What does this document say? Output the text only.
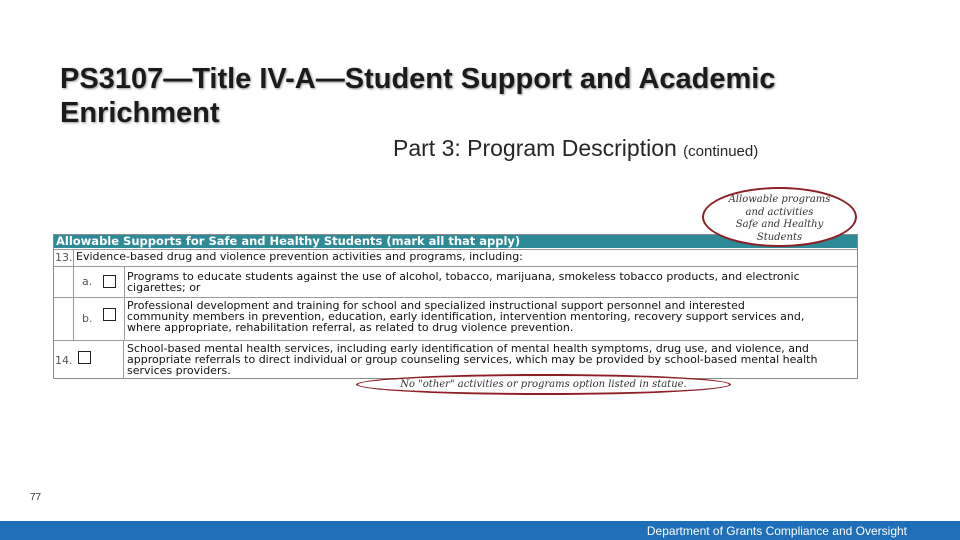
PS3107—Title IV-A—Student Support and Academic Enrichment
Part 3: Program Description (continued)
Allowable Supports for Safe and Healthy Students (mark all that apply)
13. Evidence-based drug and violence prevention activities and programs, including:
a.	Programs to educate students against the use of alcohol, tobacco, marijuana, smokeless tobacco products, and electronic
cigarettes; or
b.
Professional development and training for school and specialized instructional support personnel and interested
community members in prevention, education, early identification, intervention mentoring, recovery support services and,
where appropriate, rehabilitation referral, as related to drug violence prevention.
14.
School-based mental health services, including early identification of mental health symptoms, drug use, and violence, and
appropriate referrals to direct individual or group counseling services, which may be provided by school-based mental health
services providers.
Allowable programs
and activities
Safe and Healthy
Students
No "other" activities or programs option listed in statue.
77
Department of Grants Compliance and Oversight
